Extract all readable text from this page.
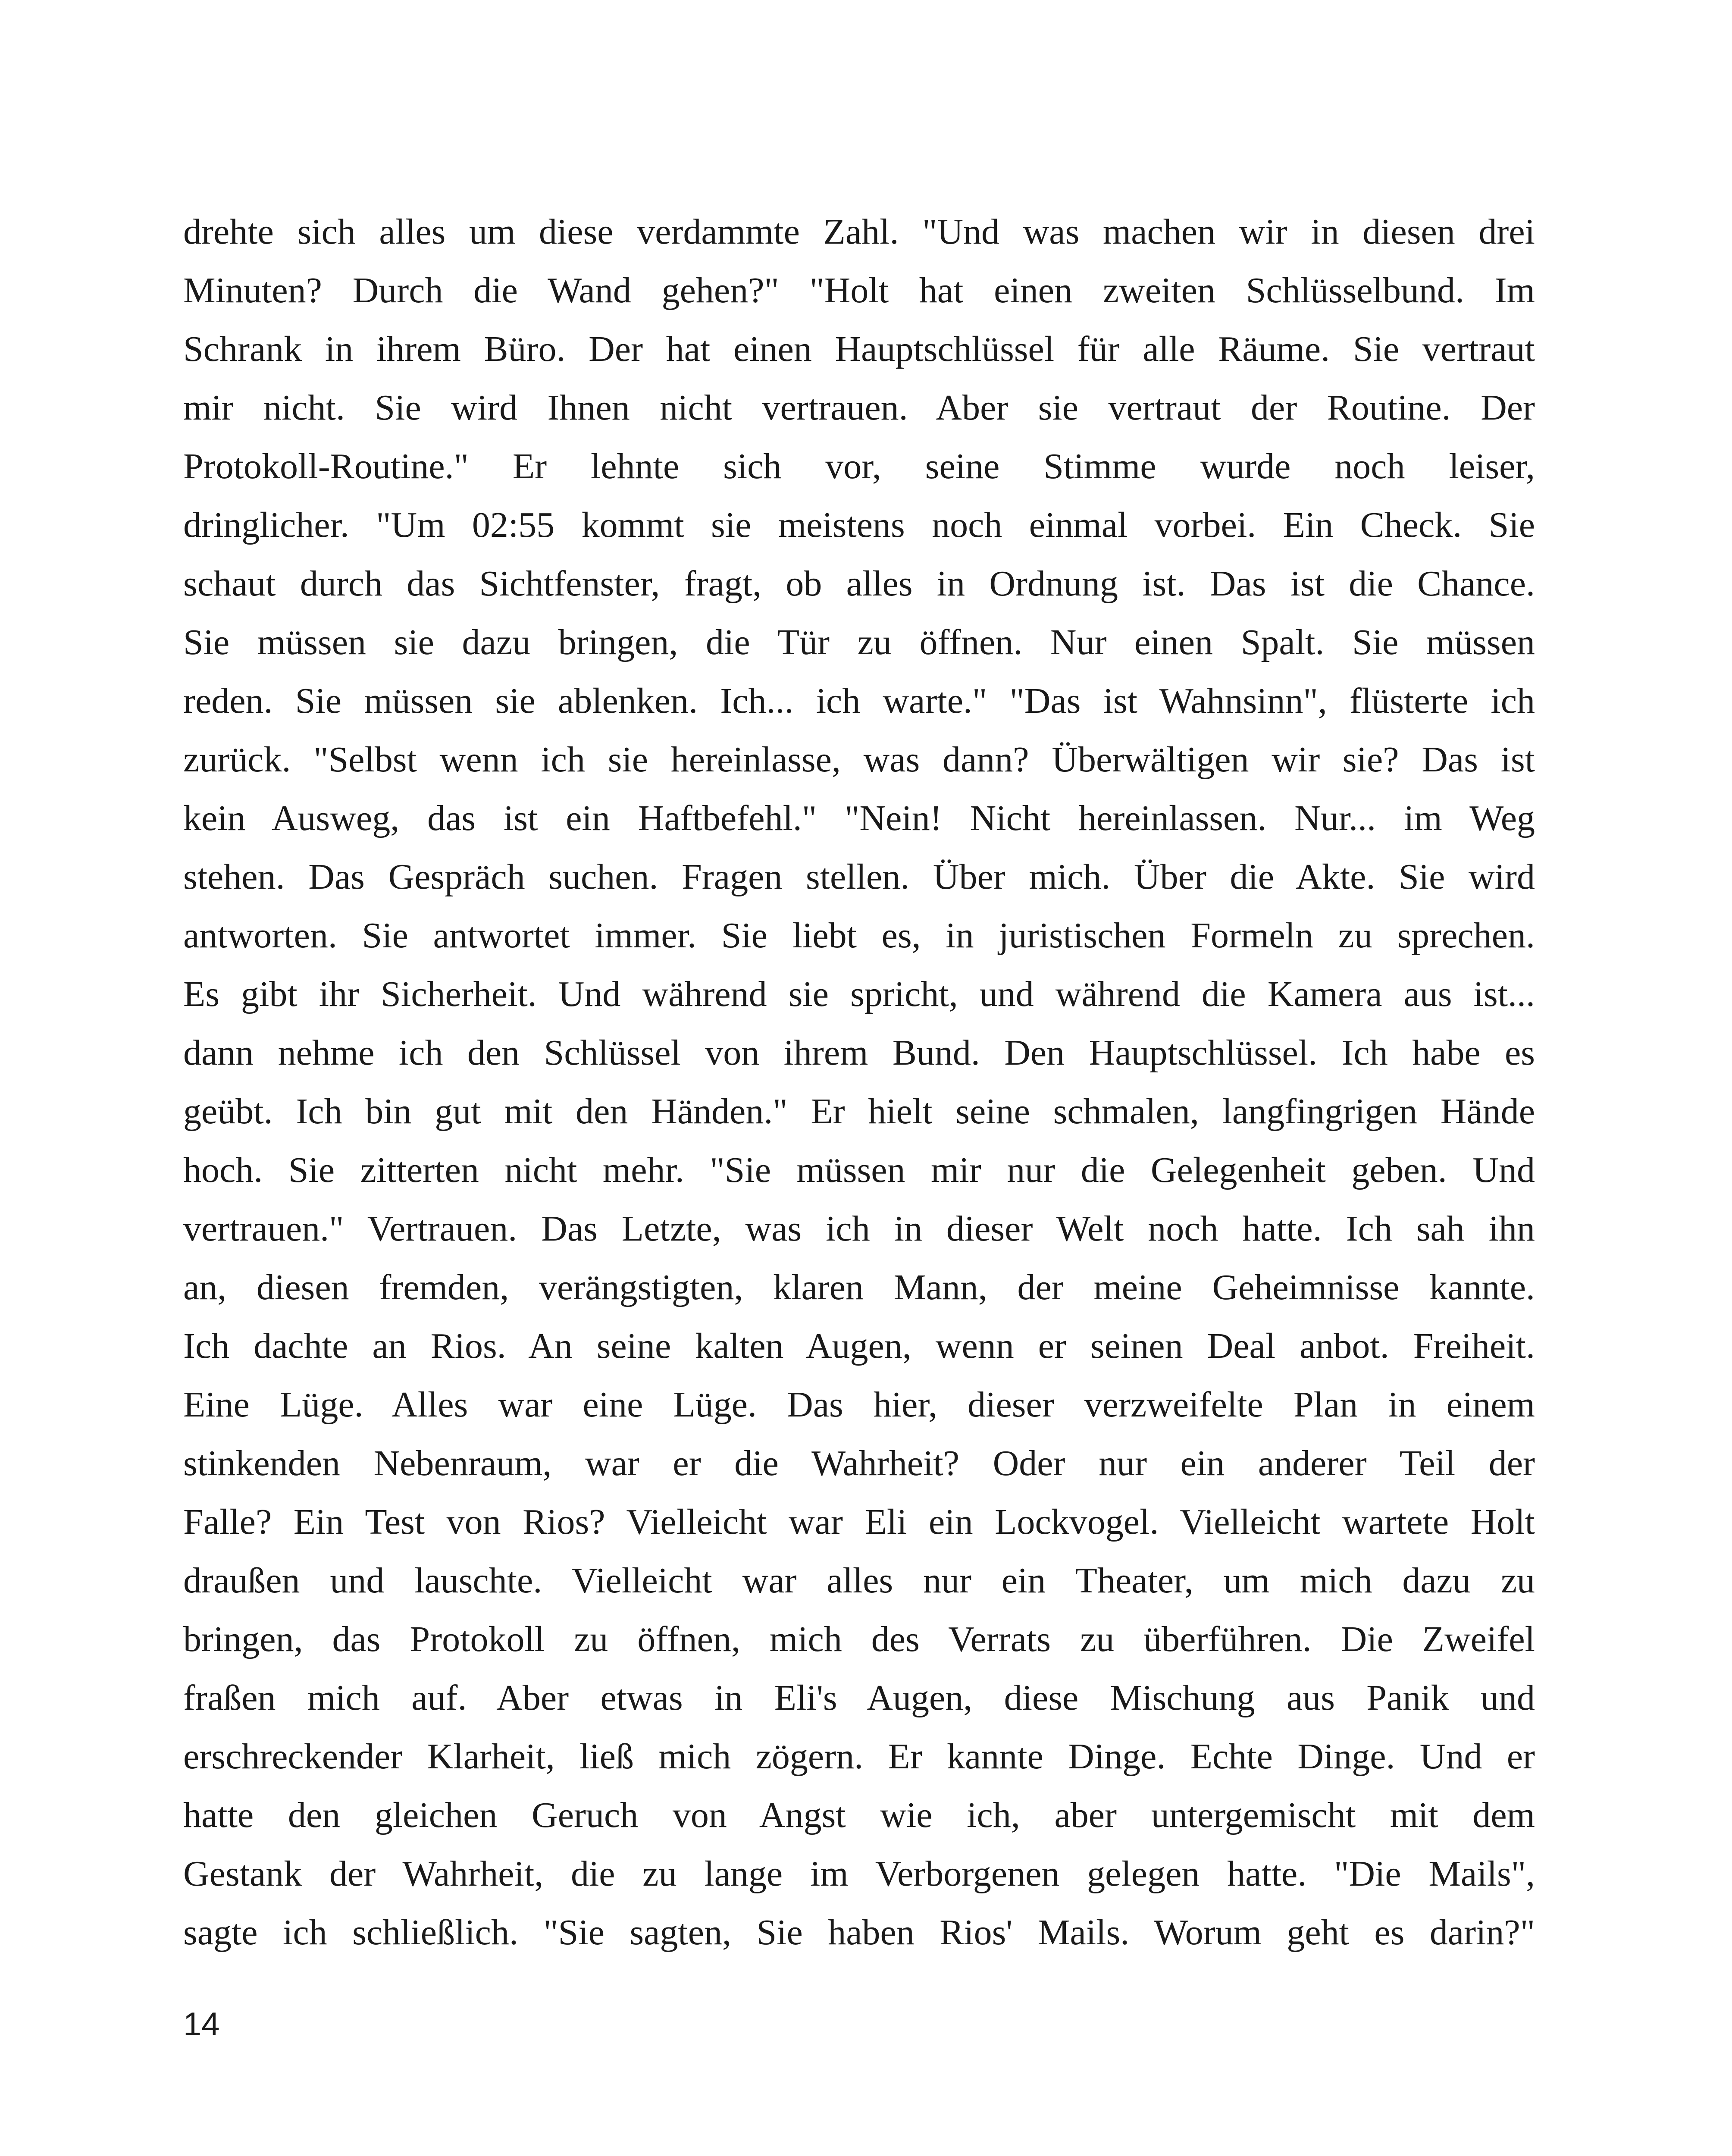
drehte sich alles um diese verdammte Zahl. "Und was machen wir in diesen drei
Minuten? Durch die Wand gehen?" "Holt hat einen zweiten Schlüsselbund. Im
Schrank in ihrem Büro. Der hat einen Hauptschlüssel für alle Räume. Sie vertraut
mir nicht. Sie wird Ihnen nicht vertrauen. Aber sie vertraut der Routine. Der
Protokoll-Routine." Er lehnte sich vor, seine Stimme wurde noch leiser,
dringlicher. "Um 02:55 kommt sie meistens noch einmal vorbei. Ein Check. Sie
schaut durch das Sichtfenster, fragt, ob alles in Ordnung ist. Das ist die Chance.
Sie müssen sie dazu bringen, die Tür zu öffnen. Nur einen Spalt. Sie müssen
reden. Sie müssen sie ablenken. Ich... ich warte." "Das ist Wahnsinn", flüsterte ich
zurück. "Selbst wenn ich sie hereinlasse, was dann? Überwältigen wir sie? Das ist
kein Ausweg, das ist ein Haftbefehl." "Nein! Nicht hereinlassen. Nur... im Weg
stehen. Das Gespräch suchen. Fragen stellen. Über mich. Über die Akte. Sie wird
antworten. Sie antwortet immer. Sie liebt es, in juristischen Formeln zu sprechen.
Es gibt ihr Sicherheit. Und während sie spricht, und während die Kamera aus ist...
dann nehme ich den Schlüssel von ihrem Bund. Den Hauptschlüssel. Ich habe es
geübt. Ich bin gut mit den Händen." Er hielt seine schmalen, langfingrigen Hände
hoch. Sie zitterten nicht mehr. "Sie müssen mir nur die Gelegenheit geben. Und
vertrauen." Vertrauen. Das Letzte, was ich in dieser Welt noch hatte. Ich sah ihn
an, diesen fremden, verängstigten, klaren Mann, der meine Geheimnisse kannte.
Ich dachte an Rios. An seine kalten Augen, wenn er seinen Deal anbot. Freiheit.
Eine Lüge. Alles war eine Lüge. Das hier, dieser verzweifelte Plan in einem
stinkenden Nebenraum, war er die Wahrheit? Oder nur ein anderer Teil der
Falle? Ein Test von Rios? Vielleicht war Eli ein Lockvogel. Vielleicht wartete Holt
draußen und lauschte. Vielleicht war alles nur ein Theater, um mich dazu zu
bringen, das Protokoll zu öffnen, mich des Verrats zu überführen. Die Zweifel
fraßen mich auf. Aber etwas in Eli's Augen, diese Mischung aus Panik und
erschreckender Klarheit, ließ mich zögern. Er kannte Dinge. Echte Dinge. Und er
hatte den gleichen Geruch von Angst wie ich, aber untergemischt mit dem
Gestank der Wahrheit, die zu lange im Verborgenen gelegen hatte. "Die Mails",
sagte ich schließlich. "Sie sagten, Sie haben Rios' Mails. Worum geht es darin?"
14
